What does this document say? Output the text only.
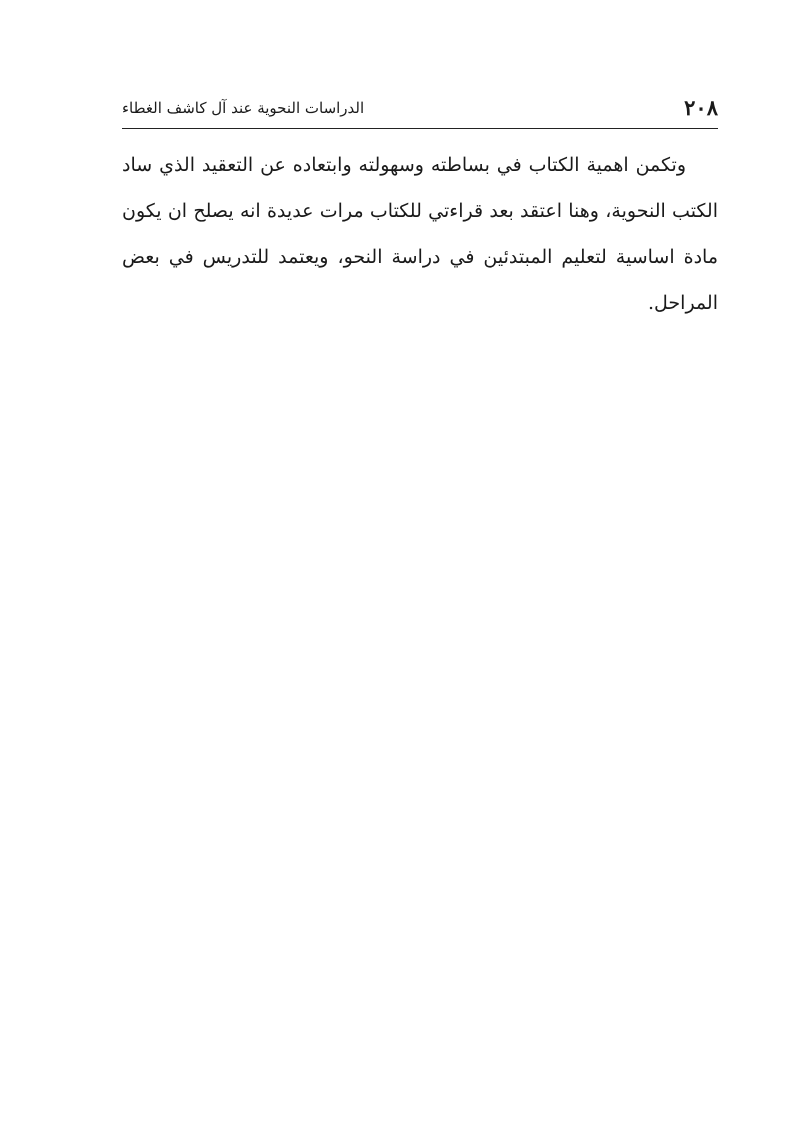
٢٠٨
الدراسات النحوية عند آل كاشف الغطاء

وتكمن اهمية الكتاب في بساطته وسهولته وابتعاده عن التعقيد الذي ساد الكتب النحوية، وهنا اعتقد بعد قراءتي للكتاب مرات عديدة انه يصلح ان يكون مادة اساسية لتعليم المبتدئين في دراسة النحو، ويعتمد للتدريس في بعض المراحل.
